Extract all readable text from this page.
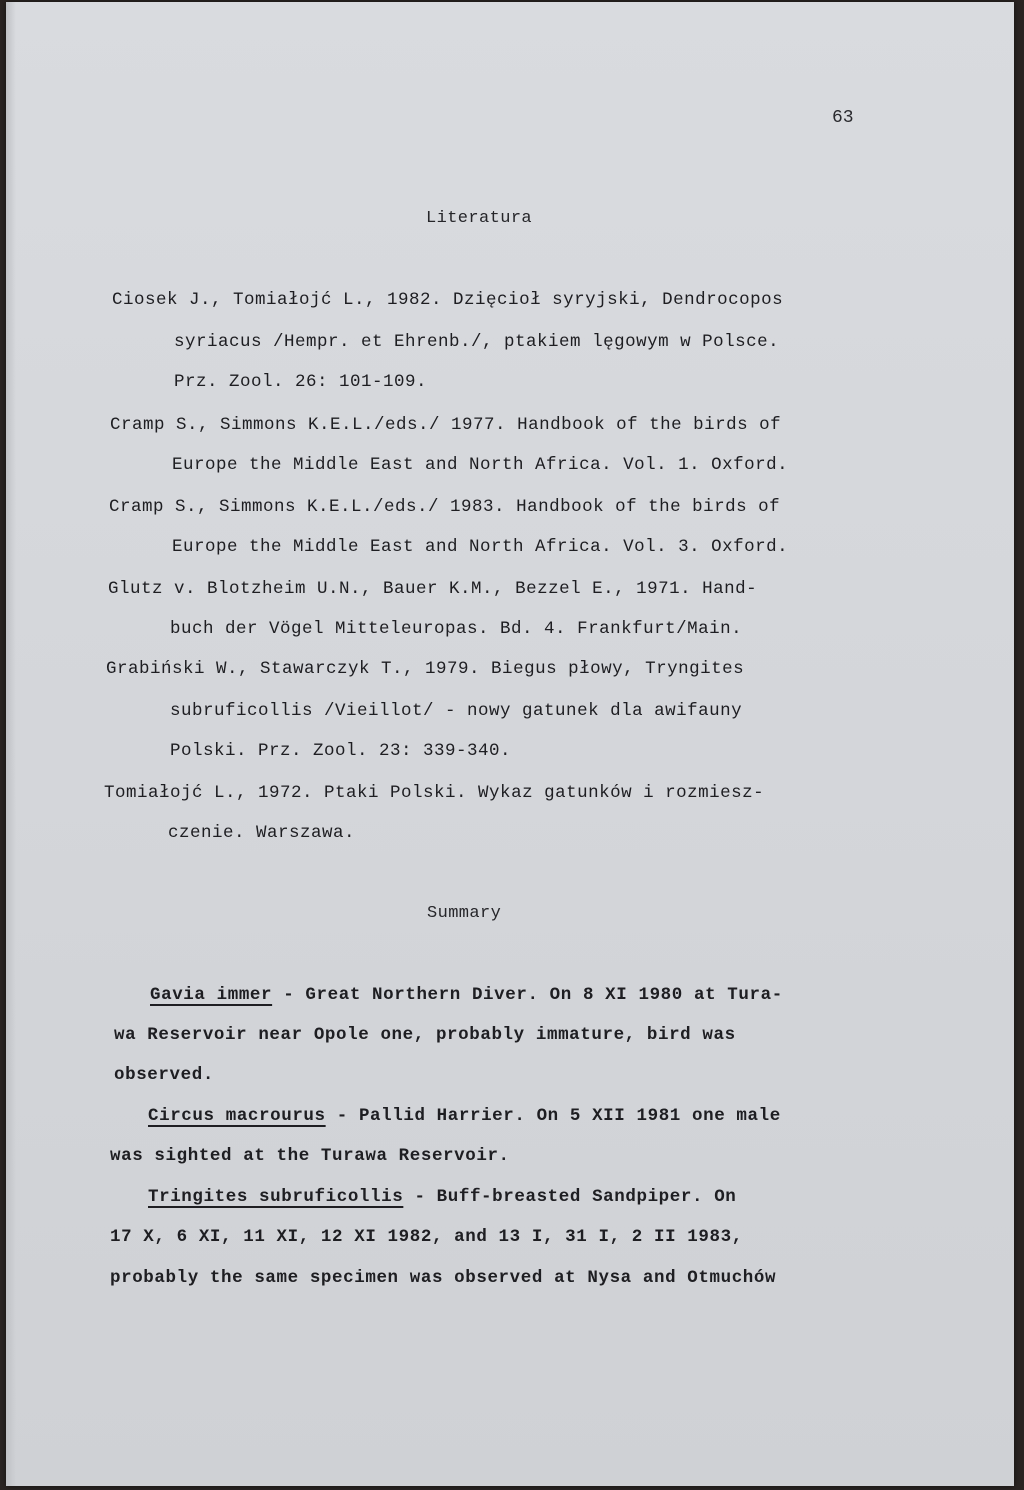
63
Literatura
Ciosek J., Tomiałojć L., 1982. Dzięcioł syryjski, Dendrocopos
syriacus /Hempr. et Ehrenb./, ptakiem lęgowym w Polsce.
Prz. Zool. 26: 101-109.
Cramp S., Simmons K.E.L./eds./ 1977. Handbook of the birds of
Europe the Middle East and North Africa. Vol. 1. Oxford.
Cramp S., Simmons K.E.L./eds./ 1983. Handbook of the birds of
Europe the Middle East and North Africa. Vol. 3. Oxford.
Glutz v. Blotzheim U.N., Bauer K.M., Bezzel E., 1971. Hand-
buch der Vögel Mitteleuropas. Bd. 4. Frankfurt/Main.
Grabiński W., Stawarczyk T., 1979. Biegus płowy, Tryngites
subruficollis /Vieillot/ - nowy gatunek dla awifauny
Polski. Prz. Zool. 23: 339-340.
Tomiałojć L., 1972. Ptaki Polski. Wykaz gatunków i rozmiesz-
czenie. Warszawa.
Summary
Gavia immer - Great Northern Diver. On 8 XI 1980 at Tura-
wa Reservoir near Opole one, probably immature, bird was
observed.
Circus macrourus - Pallid Harrier. On 5 XII 1981 one male
was sighted at the Turawa Reservoir.
Tringites subruficollis - Buff-breasted Sandpiper. On
17 X, 6 XI, 11 XI, 12 XI 1982, and 13 I, 31 I, 2 II 1983,
probably the same specimen was observed at Nysa and Otmuchów
